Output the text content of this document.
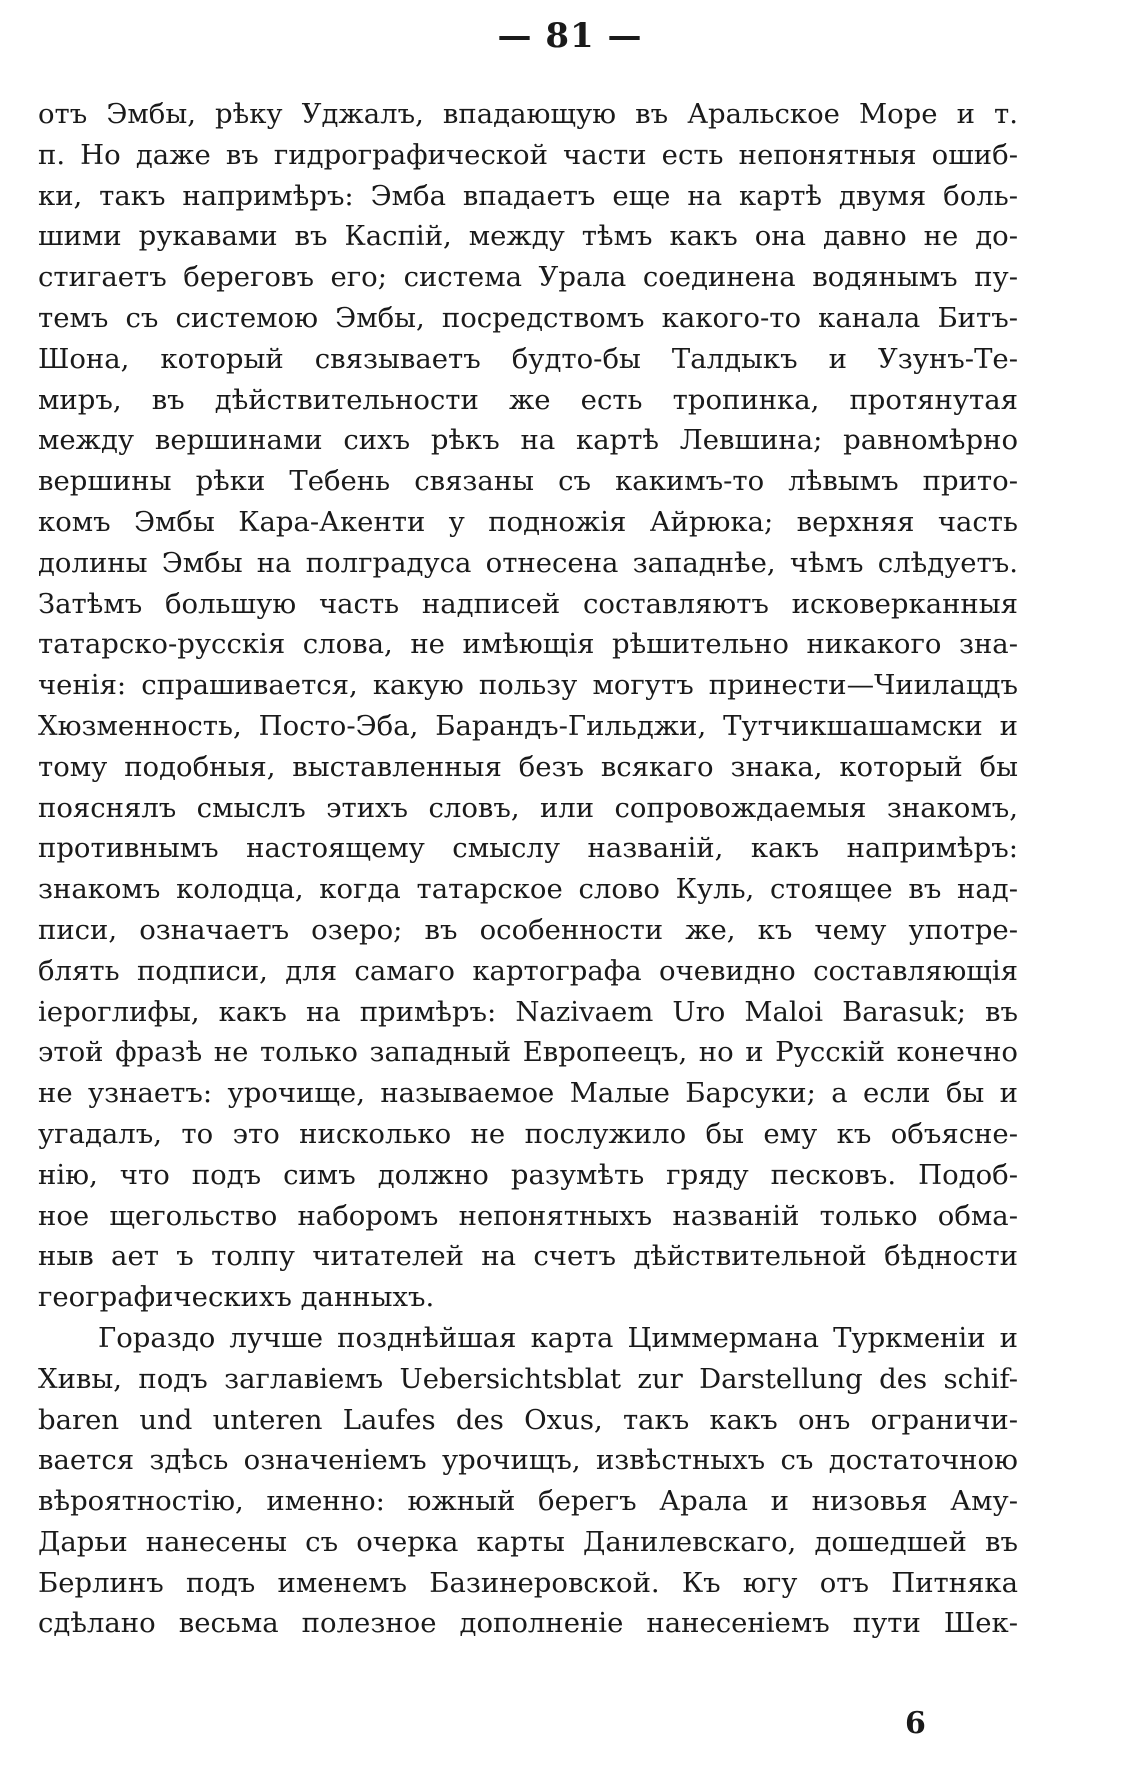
— 81 —
отъ Эмбы, рѣку Уджалъ, впадающую въ Аральское Море и т.
п. Но даже въ гидрографической части есть непонятныя ошиб-
ки, такъ напримѣръ: Эмба впадаетъ еще на картѣ двумя боль-
шими рукавами въ Каспій, между тѣмъ какъ она давно не до-
стигаетъ береговъ его; система Урала соединена водянымъ пу-
темъ съ системою Эмбы, посредствомъ какого-то канала Битъ-
Шона, который связываетъ будто-бы Талдыкъ и Узунъ-Те-
миръ, въ дѣйствительности же есть тропинка, протянутая
между вершинами сихъ рѣкъ на картѣ Левшина; равномѣрно
вершины рѣки Тебень связаны съ какимъ-то лѣвымъ прито-
комъ Эмбы Кара-Акенти у подножія Айрюка; верхняя часть
долины Эмбы на полградуса отнесена западнѣе, чѣмъ слѣдуетъ.
Затѣмъ большую часть надписей составляютъ исковерканныя
татарско-русскія слова, не имѣющія рѣшительно никакого зна-
ченія: спрашивается, какую пользу могутъ принести—Чиилацдъ
Хюзменность, Посто-Эба, Барандъ-Гильджи, Тутчикшашамски и
тому подобныя, выставленныя безъ всякаго знака, который бы
пояснялъ смыслъ этихъ словъ, или сопровождаемыя знакомъ,
противнымъ настоящему смыслу названій, какъ напримѣръ:
знакомъ колодца, когда татарское слово Куль, стоящее въ над-
писи, означаетъ озеро; въ особенности же, къ чему употре-
блять подписи, для самаго картографа очевидно составляющія
іероглифы, какъ на примѣръ: Nazivaem Uro Maloi Barasuk; въ
этой фразѣ не только западный Европеецъ, но и Русскій конечно
не узнаетъ: урочище, называемое Малые Барсуки; а если бы и
угадалъ, то это нисколько не послужило бы ему къ объясне-
нію, что подъ симъ должно разумѣть гряду песковъ. Подоб-
ное щегольство наборомъ непонятныхъ названій только обма-
ныв ает ъ толпу читателей на счетъ дѣйствительной бѣдности
географическихъ данныхъ.
Гораздо лучше позднѣйшая карта Циммермана Туркменіи и
Хивы, подъ заглавіемъ Uebersichtsblat zur Darstellung des schif-
baren und unteren Laufes des Oxus, такъ какъ онъ ограничи-
вается здѣсь означеніемъ урочищъ, извѣстныхъ съ достаточною
вѣроятностію, именно: южный берегъ Арала и низовья Аму-
Дарьи нанесены съ очерка карты Данилевскаго, дошедшей въ
Берлинъ подъ именемъ Базинеровской. Къ югу отъ Питняка
сдѣлано весьма полезное дополненіе нанесеніемъ пути Шек-
6
